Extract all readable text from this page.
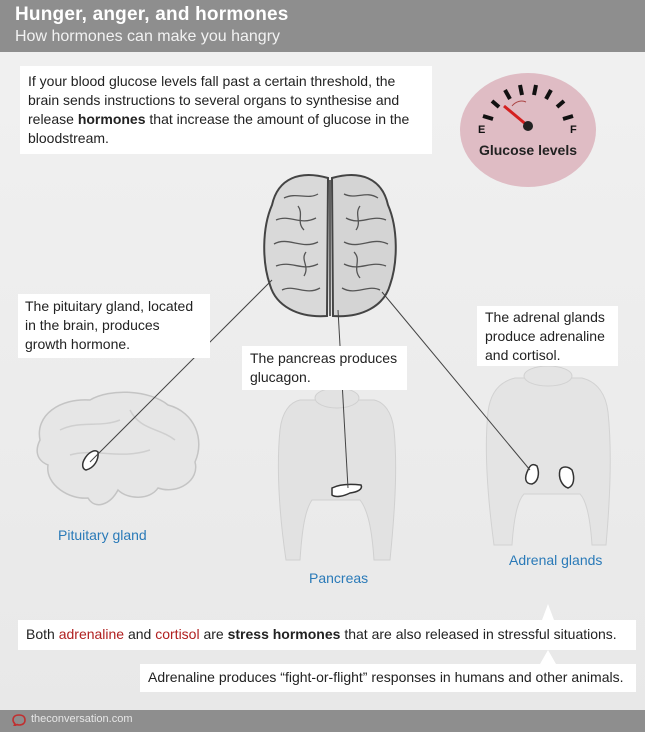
Hunger, anger, and hormones
How hormones can make you hangry
If your blood glucose levels fall past a certain threshold, the brain sends instructions to several organs to synthesise and release hormones that increase the amount of glucose in the bloodstream.	E	F
Glucose levels
The pituitary gland, located in the brain, produces growth hormone.
The pancreas produces glucagon.
The adrenal glands produce adrenaline and cortisol.
Pituitary gland
Pancreas
Adrenal glands
Both adrenaline and cortisol are stress hormones that are also released in stressful situations.
Adrenaline produces “fight-or-flight” responses in humans and other animals.
theconversation.com
